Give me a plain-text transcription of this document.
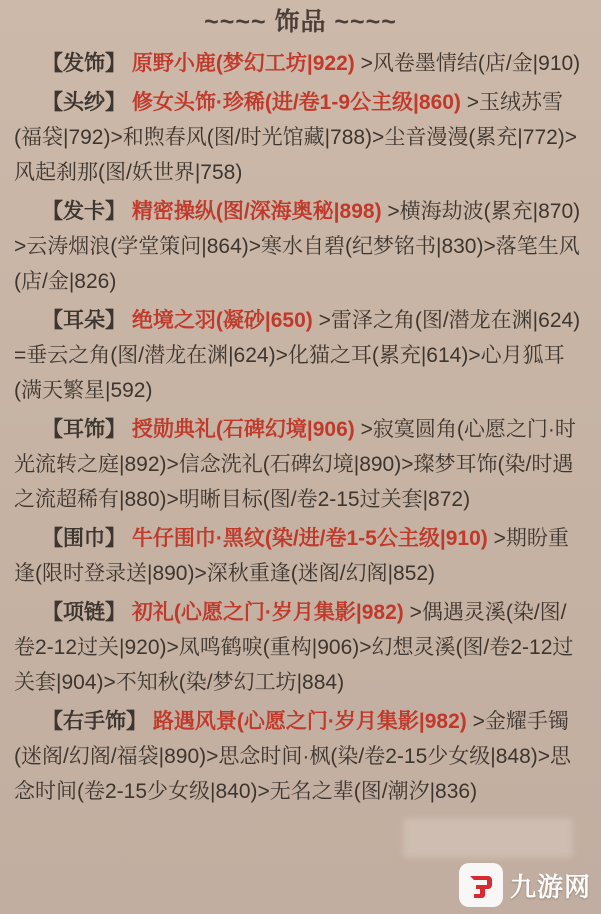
~~~~ 饰品 ~~~~
【发饰】 原野小鹿(梦幻工坊|922) >风卷墨情结(店/金|910)
【头纱】 修女头饰·珍稀(进/卷1-9公主级|860) >玉绒苏雪(福袋|792)>和煦春风(图/时光馆藏|788)>尘音漫漫(累充|772)>风起刹那(图/妖世界|758)
【发卡】 精密操纵(图/深海奥秘|898) >横海劫波(累充|870)>云涛烟浪(学堂策问|864)>寒水自碧(纪梦铭书|830)>落笔生风(店/金|826)
【耳朵】 绝境之羽(凝砂|650) >雷泽之角(图/潜龙在渊|624)=垂云之角(图/潜龙在渊|624)>化猫之耳(累充|614)>心月狐耳(满天繁星|592)
【耳饰】 授勋典礼(石碑幻境|906) >寂寞圆角(心愿之门·时光流转之庭|892)>信念洗礼(石碑幻境|890)>璨梦耳饰(染/时遇之流超稀有|880)>明晰目标(图/卷2-15过关套|872)
【围巾】 牛仔围巾·黑纹(染/进/卷1-5公主级|910) >期盼重逢(限时登录送|890)>深秋重逢(迷阁/幻阁|852)
【项链】 初礼(心愿之门·岁月集影|982) >偶遇灵溪(染/图/卷2-12过关|920)>凤鸣鹤唳(重构|906)>幻想灵溪(图/卷2-12过关套|904)>不知秋(染/梦幻工坊|884)
【右手饰】 路遇风景(心愿之门·岁月集影|982) >金耀手镯(迷阁/幻阁/福袋|890)>思念时间·枫(染/卷2-15少女级|848)>思念时间(卷2-15少女级|840)>无名之辈(图/潮汐|836)
九游网
